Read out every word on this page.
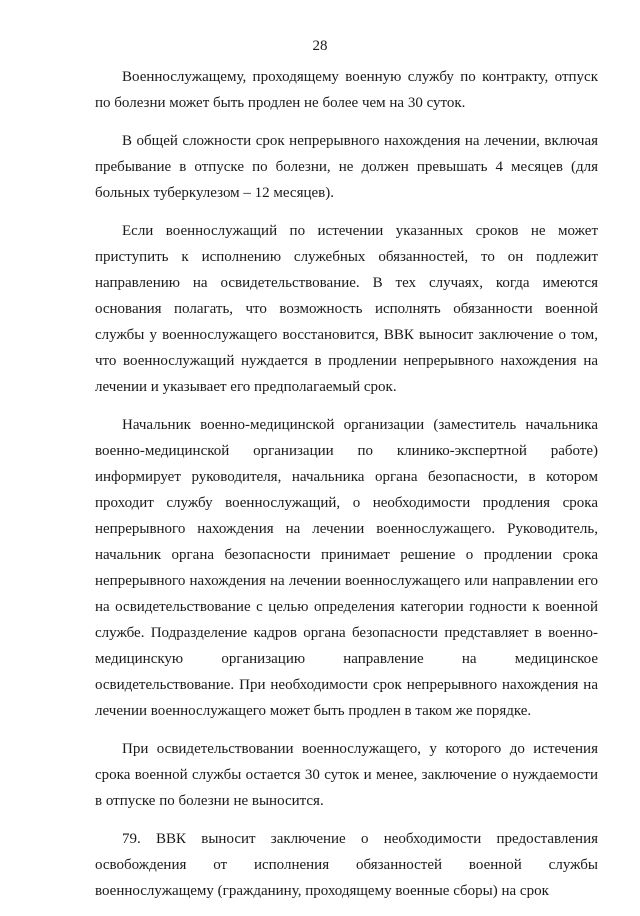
28

Военнослужащему, проходящему военную службу по контракту, отпуск по болезни может быть продлен не более чем на 30 суток.

В общей сложности срок непрерывного нахождения на лечении, включая пребывание в отпуске по болезни, не должен превышать 4 месяцев (для больных туберкулезом – 12 месяцев).

Если военнослужащий по истечении указанных сроков не может приступить к исполнению служебных обязанностей, то он подлежит направлению на освидетельствование. В тех случаях, когда имеются основания полагать, что возможность исполнять обязанности военной службы у военнослужащего восстановится, ВВК выносит заключение о том, что военнослужащий нуждается в продлении непрерывного нахождения на лечении и указывает его предполагаемый срок.

Начальник военно-медицинской организации (заместитель начальника военно-медицинской организации по клинико-экспертной работе) информирует руководителя, начальника органа безопасности, в котором проходит службу военнослужащий, о необходимости продления срока непрерывного нахождения на лечении военнослужащего. Руководитель, начальник органа безопасности принимает решение о продлении срока непрерывного нахождения на лечении военнослужащего или направлении его на освидетельствование с целью определения категории годности к военной службе. Подразделение кадров органа безопасности представляет в военно-медицинскую организацию направление на медицинское освидетельствование. При необходимости срок непрерывного нахождения на лечении военнослужащего может быть продлен в таком же порядке.

При освидетельствовании военнослужащего, у которого до истечения срока военной службы остается 30 суток и менее, заключение о нуждаемости в отпуске по болезни не выносится.

79. ВВК выносит заключение о необходимости предоставления освобождения от исполнения обязанностей военной службы военнослужащему (гражданину, проходящему военные сборы) на срок
